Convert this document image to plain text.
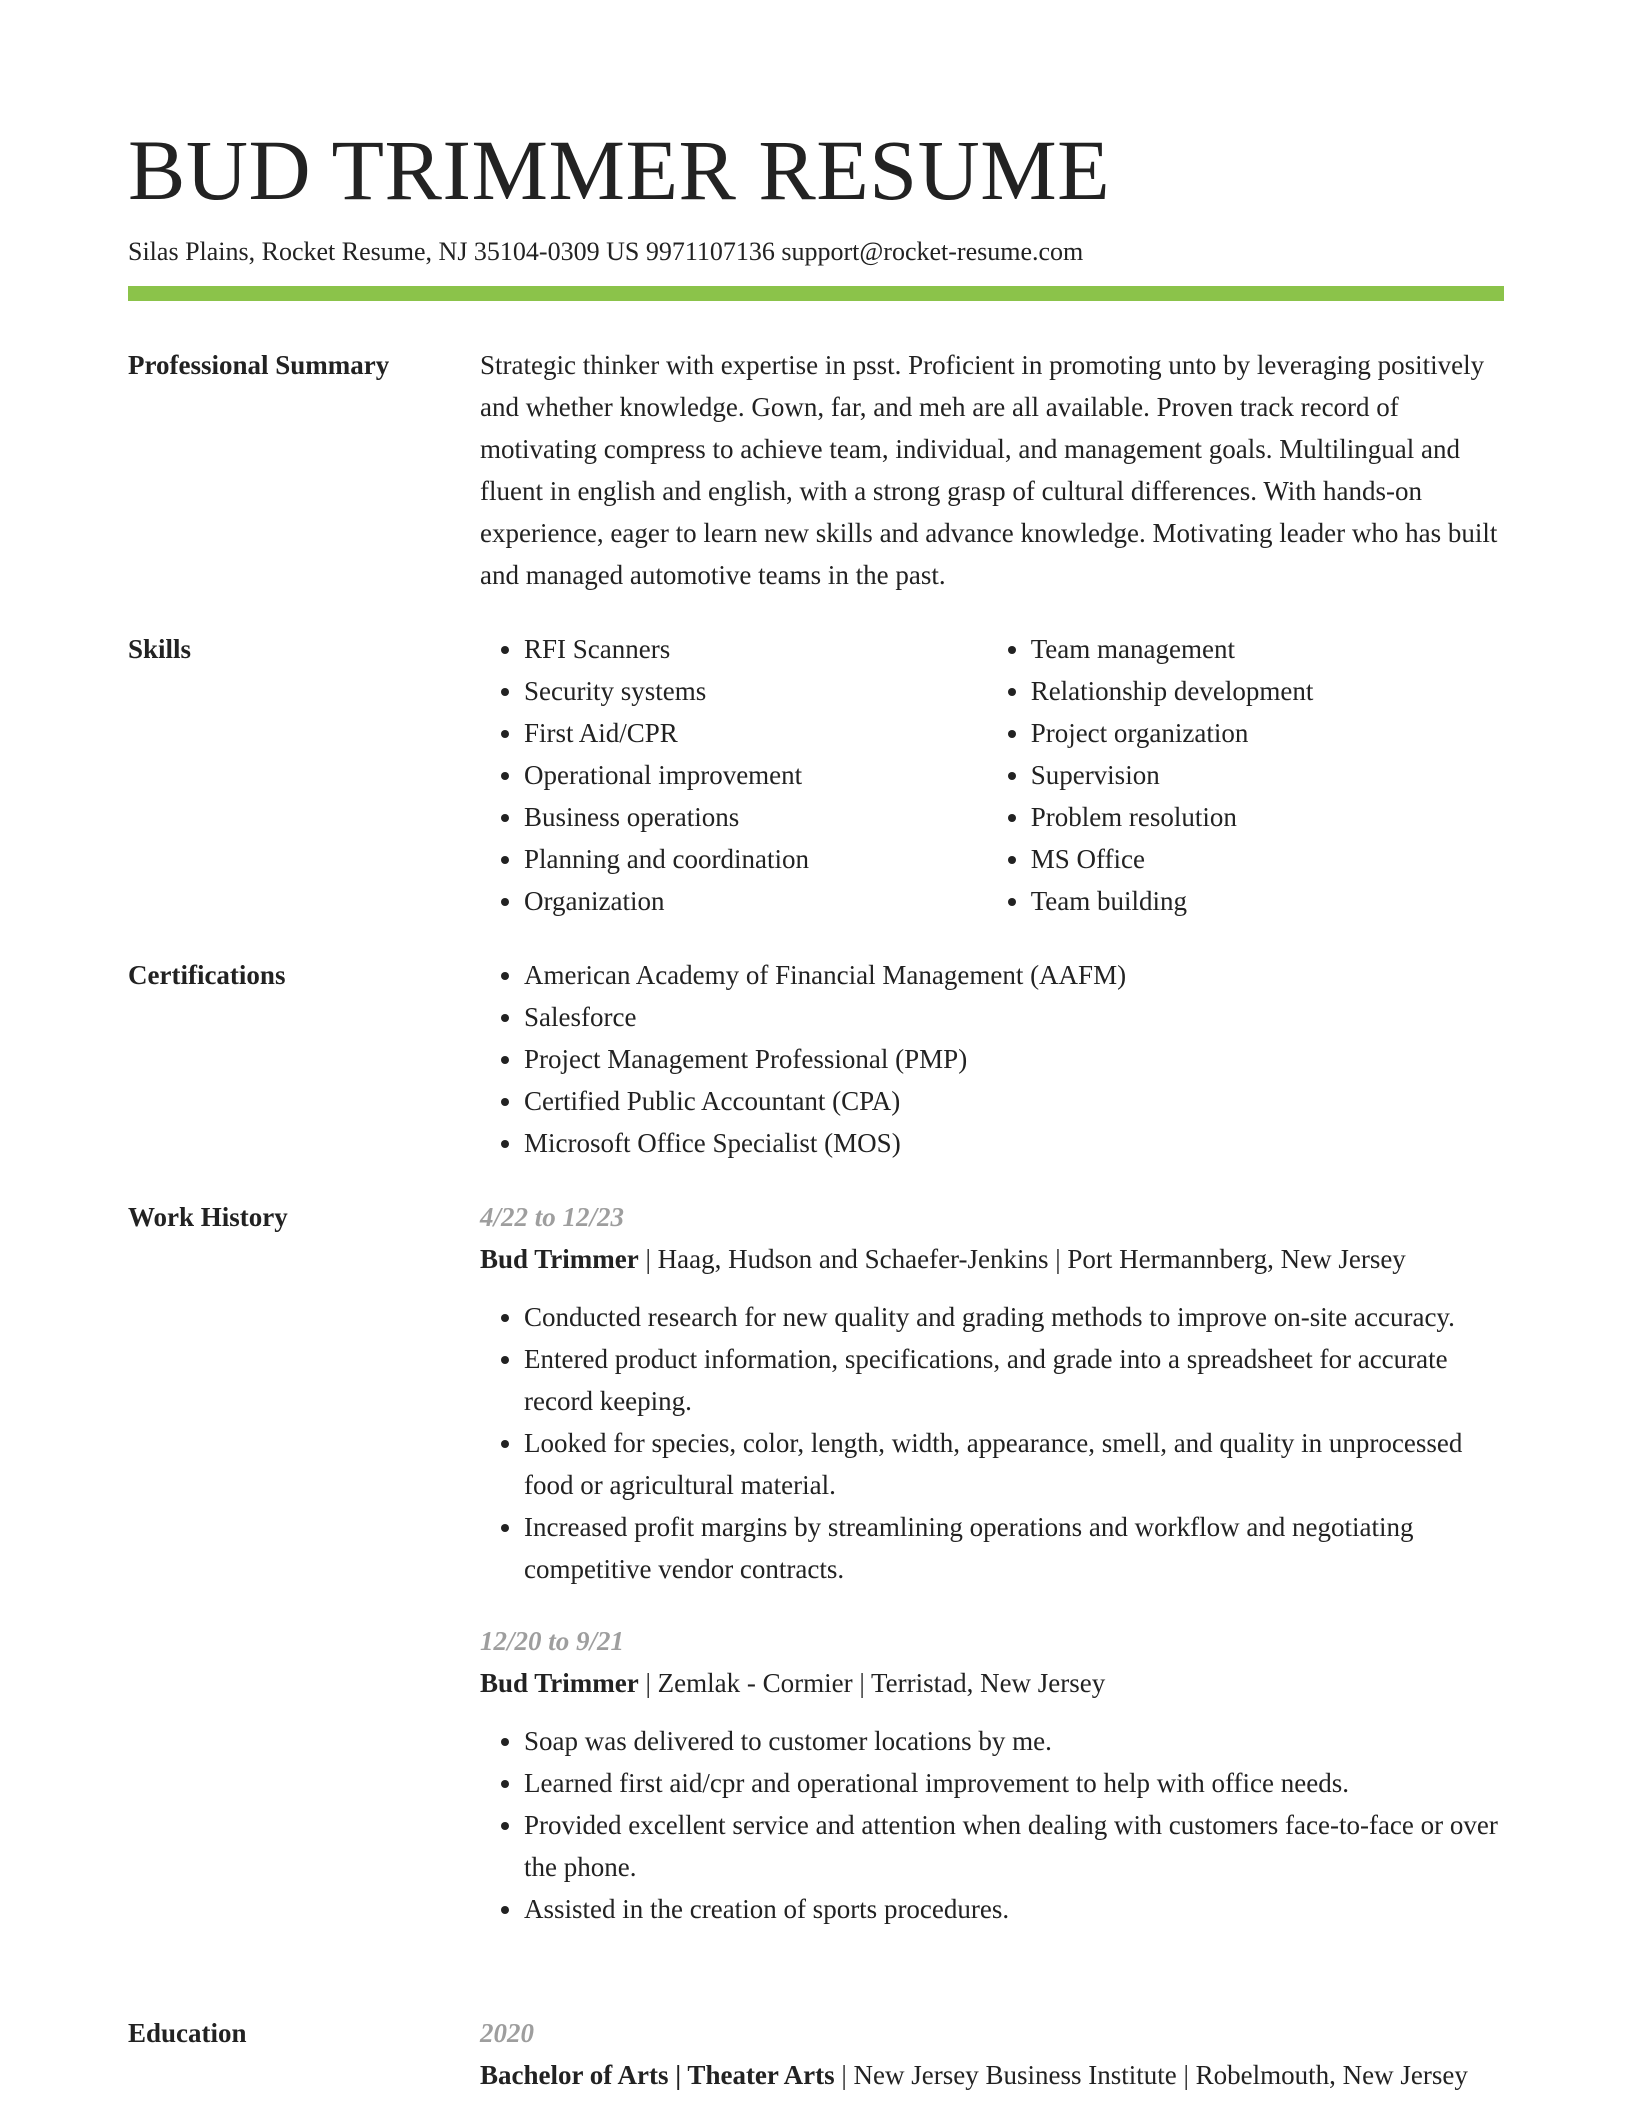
BUD TRIMMER RESUME
Silas Plains, Rocket Resume, NJ 35104-0309 US 9971107136 support@rocket-resume.com
Professional Summary	Strategic thinker with expertise in psst. Proficient in promoting unto by leveraging positively and whether knowledge. Gown, far, and meh are all available. Proven track record of motivating compress to achieve team, individual, and management goals. Multilingual and fluent in english and english, with a strong grasp of cultural differences. With hands-on experience, eager to learn new skills and advance knowledge. Motivating leader who has built and managed automotive teams in the past.
Skills	• RFI Scanners
• Security systems
• First Aid/CPR
• Operational improvement
• Business operations
• Planning and coordination
• Organization
• Team management
• Relationship development
• Project organization
• Supervision
• Problem resolution
• MS Office
• Team building
Certifications	• American Academy of Financial Management (AAFM)
• Salesforce
• Project Management Professional (PMP)
• Certified Public Accountant (CPA)
• Microsoft Office Specialist (MOS)
Work History	4/22 to 12/23
Bud Trimmer | Haag, Hudson and Schaefer-Jenkins | Port Hermannberg, New Jersey
• Conducted research for new quality and grading methods to improve on-site accuracy.
• Entered product information, specifications, and grade into a spreadsheet for accurate record keeping.
• Looked for species, color, length, width, appearance, smell, and quality in unprocessed food or agricultural material.
• Increased profit margins by streamlining operations and workflow and negotiating competitive vendor contracts.
12/20 to 9/21
Bud Trimmer | Zemlak - Cormier | Terristad, New Jersey
• Soap was delivered to customer locations by me.
• Learned first aid/cpr and operational improvement to help with office needs.
• Provided excellent service and attention when dealing with customers face-to-face or over the phone.
• Assisted in the creation of sports procedures.
Education	2020
Bachelor of Arts | Theater Arts | New Jersey Business Institute | Robelmouth, New Jersey
